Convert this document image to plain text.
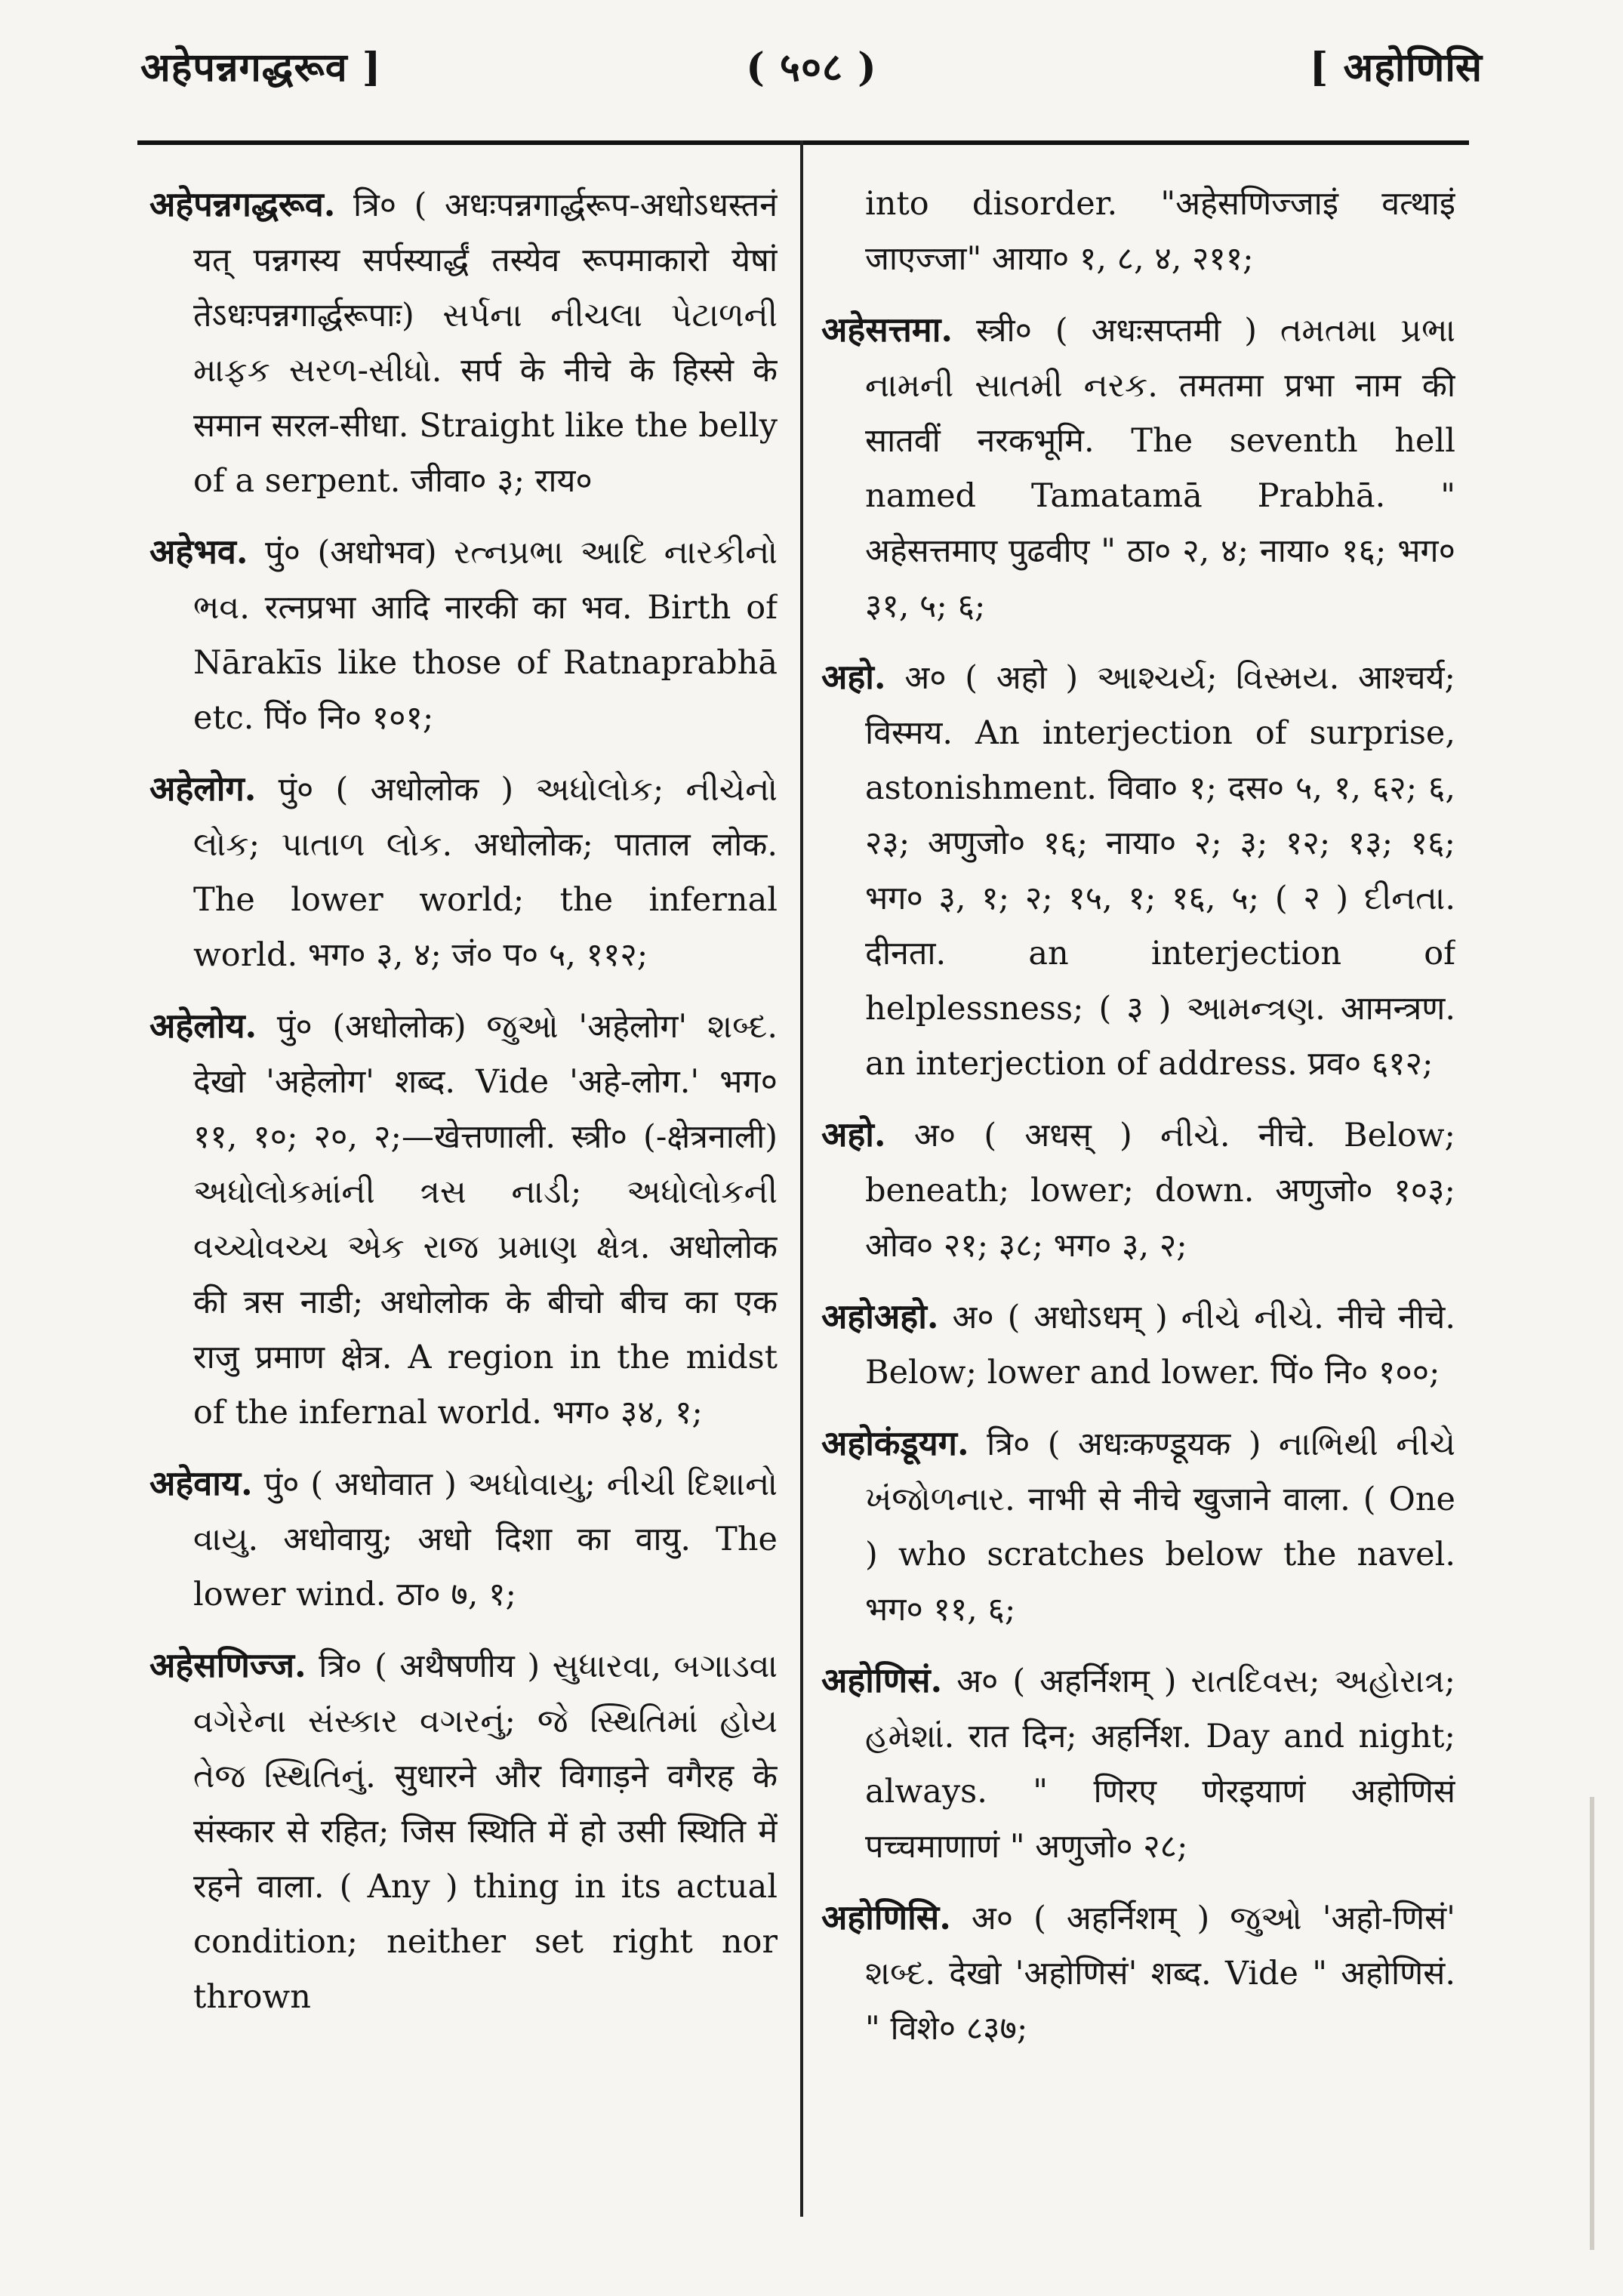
अहेपन्नगद्धरूव ]	( ५०८ )	[ अहोणिसि

अहेपन्नगद्धरूव. त्रि० ( अधःपन्नगार्द्धरूप-अधोऽधस्तनं यत् पन्नगस्य सर्पस्यार्द्धं तस्येव रूपमाकारो येषां तेऽधःपन्नगार्द्धरूपाः) સર્પના નીચલા પેટાળની માફક સરળ-સીધો. सर्प के नीचे के हिस्से के समान सरल-सीधा. Straight like the belly of a serpent. जीवा० ३; राय०

अहेभव. पुं० (अधोभव) રત્નપ્રભા આદિ નારકીનો ભવ. रत्नप्रभा आदि नारकी का भव. Birth of Nārakīs like those of Ratnaprabhā etc. पिं० नि० १०१;

अहेलोग. पुं० ( अधोलोक ) અધોલોક; નીચેનો લોક; પાતાળ લોક. अधोलोक; पाताल लोक. The lower world; the infernal world. भग० ३, ४; जं० प० ५, ११२;

अहेलोय. पुं० (अधोलोक) જુઓ 'अहेलोग' શબ્દ. देखो 'अहेलोग' शब्द. Vide 'अहे-लोग.' भग० ११, १०; २०, २;—खेत्तणाली. स्त्री० (-क्षेत्रनाली) અધોલોકમાંની ત્રસ નાડી; અધોલોકની વચ્ચોવચ્ચ એક રાજ પ્રમાણ ક્ષેત્ર. अधोलोक की त्रस नाडी; अधोलोक के बीचो बीच का एक राजु प्रमाण क्षेत्र. A region in the midst of the infernal world. भग० ३४, १;

अहेवाय. पुं० ( अधोवात ) અધોવાયુ; નીચી દિશાનો વાયુ. अधोवायु; अधो दिशा का वायु. The lower wind. ठा० ७, १;

अहेसणिज्ज. त्रि० ( अथैषणीय ) સુધારવા, બગાડવા વગેરેના સંસ્કાર વગરનું; જે સ્થિતિમાં હોય તેજ સ્થિતિનું. सुधारने और विगाड़ने वगैरह के संस्कार से रहित; जिस स्थिति में हो उसी स्थिति में रहने वाला. ( Any ) thing in its actual condition; neither set right nor thrown

into disorder. "अहेसणिज्जाइं वत्थाइं जाएज्जा" आया० १, ८, ४, २११;

अहेसत्तमा. स्त्री० ( अधःसप्तमी ) તમતમા પ્રભા નામની સાતમી નરક. तमतमा प्रभा नाम की सातवीं नरकभूमि. The seventh hell named Tamatamā Prabhā. " अहेसत्तमाए पुढवीए " ठा० २, ४; नाया० १६; भग० ३१, ५; ६;

अहो. अ० ( अहो ) આશ્ચર્ય; વિસ્મય. आश्चर्य; विस्मय. An interjection of surprise, astonishment. विवा० १; दस० ५, १, ६२; ६, २३; अणुजो० १६; नाया० २; ३; १२; १३; १६; भग० ३, १; २; १५, १; १६, ५; ( २ ) દીનતા. दीनता. an interjection of helplessness; ( ३ ) આમન્ત્રણ. आमन्त्रण. an interjection of address. प्रव० ६१२;

अहो. अ० ( अधस् ) નીચે. नीचे. Below; beneath; lower; down. अणुजो० १०३; ओव० २१; ३८; भग० ३, २;

अहोअहो. अ० ( अधोऽधम् ) નીચે નીચે. नीचे नीचे. Below; lower and lower. पिं० नि० १००;

अहोकंडूयग. त्रि० ( अधःकण्डूयक ) નાભિથી નીચે ખંજોળનાર. नाभी से नीचे खुजाने वाला. ( One ) who scratches below the navel. भग० ११, ६;

अहोणिसं. अ० ( अहर्निशम् ) રાતદિવસ; અહોરાત્ર; હમેશાં. रात दिन; अहर्निश. Day and night; always. " णिरए णेरइयाणं अहोणिसं पच्चमाणाणं " अणुजो० २८;

अहोणिसि. अ० ( अहर्निशम् ) જુઓ 'अहो-णिसं' શબ્દ. देखो 'अहोणिसं' शब्द. Vide " अहोणिसं. " विशे० ८३७;
